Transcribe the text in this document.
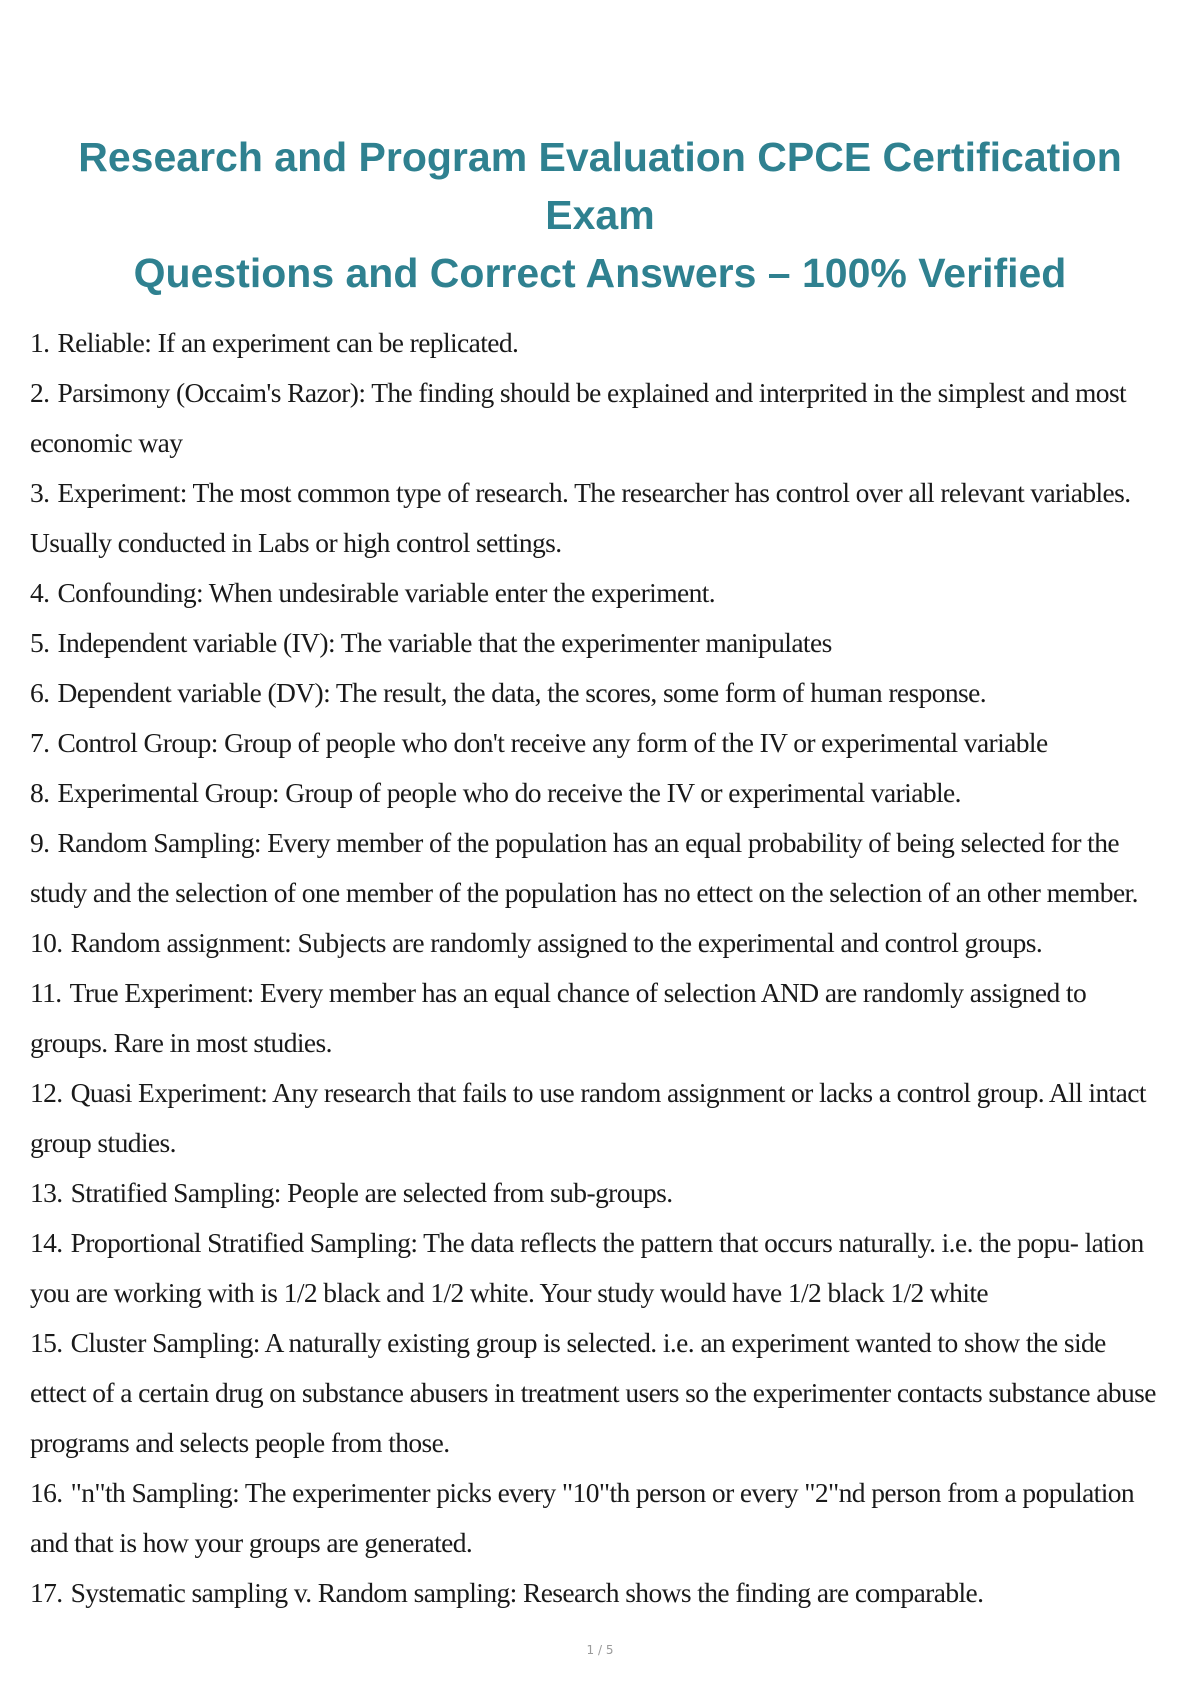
Research and Program Evaluation CPCE Certification Exam
Questions and Correct Answers – 100% Verified
1. Reliable: If an experiment can be replicated.
2. Parsimony (Occaim's Razor): The finding should be explained and interprited in the simplest and most economic way
3. Experiment: The most common type of research. The researcher has control over all relevant variables. Usually conducted in Labs or high control settings.
4. Confounding: When undesirable variable enter the experiment.
5. Independent variable (IV): The variable that the experimenter manipulates
6. Dependent variable (DV): The result, the data, the scores, some form of human response.
7. Control Group: Group of people who don't receive any form of the IV or experimental variable
8. Experimental Group: Group of people who do receive the IV or experimental variable.
9. Random Sampling: Every member of the population has an equal probability of being selected for the study and the selection of one member of the population has no ettect on the selection of an other member.
10. Random assignment: Subjects are randomly assigned to the experimental and control groups.
11. True Experiment: Every member has an equal chance of selection AND are randomly assigned to groups. Rare in most studies.
12. Quasi Experiment: Any research that fails to use random assignment or lacks a control group. All intact group studies.
13. Stratified Sampling: People are selected from sub-groups.
14. Proportional Stratified Sampling: The data reflects the pattern that occurs naturally. i.e. the popu- lation you are working with is 1/2 black and 1/2 white. Your study would have 1/2 black 1/2 white
15. Cluster Sampling: A naturally existing group is selected. i.e. an experiment wanted to show the side ettect of a certain drug on substance abusers in treatment users so the experimenter contacts substance abuse programs and selects people from those.
16. "n"th Sampling: The experimenter picks every "10"th person or every "2"nd person from a population and that is how your groups are generated.
17. Systematic sampling v. Random sampling: Research shows the finding are comparable.
1 / 5
